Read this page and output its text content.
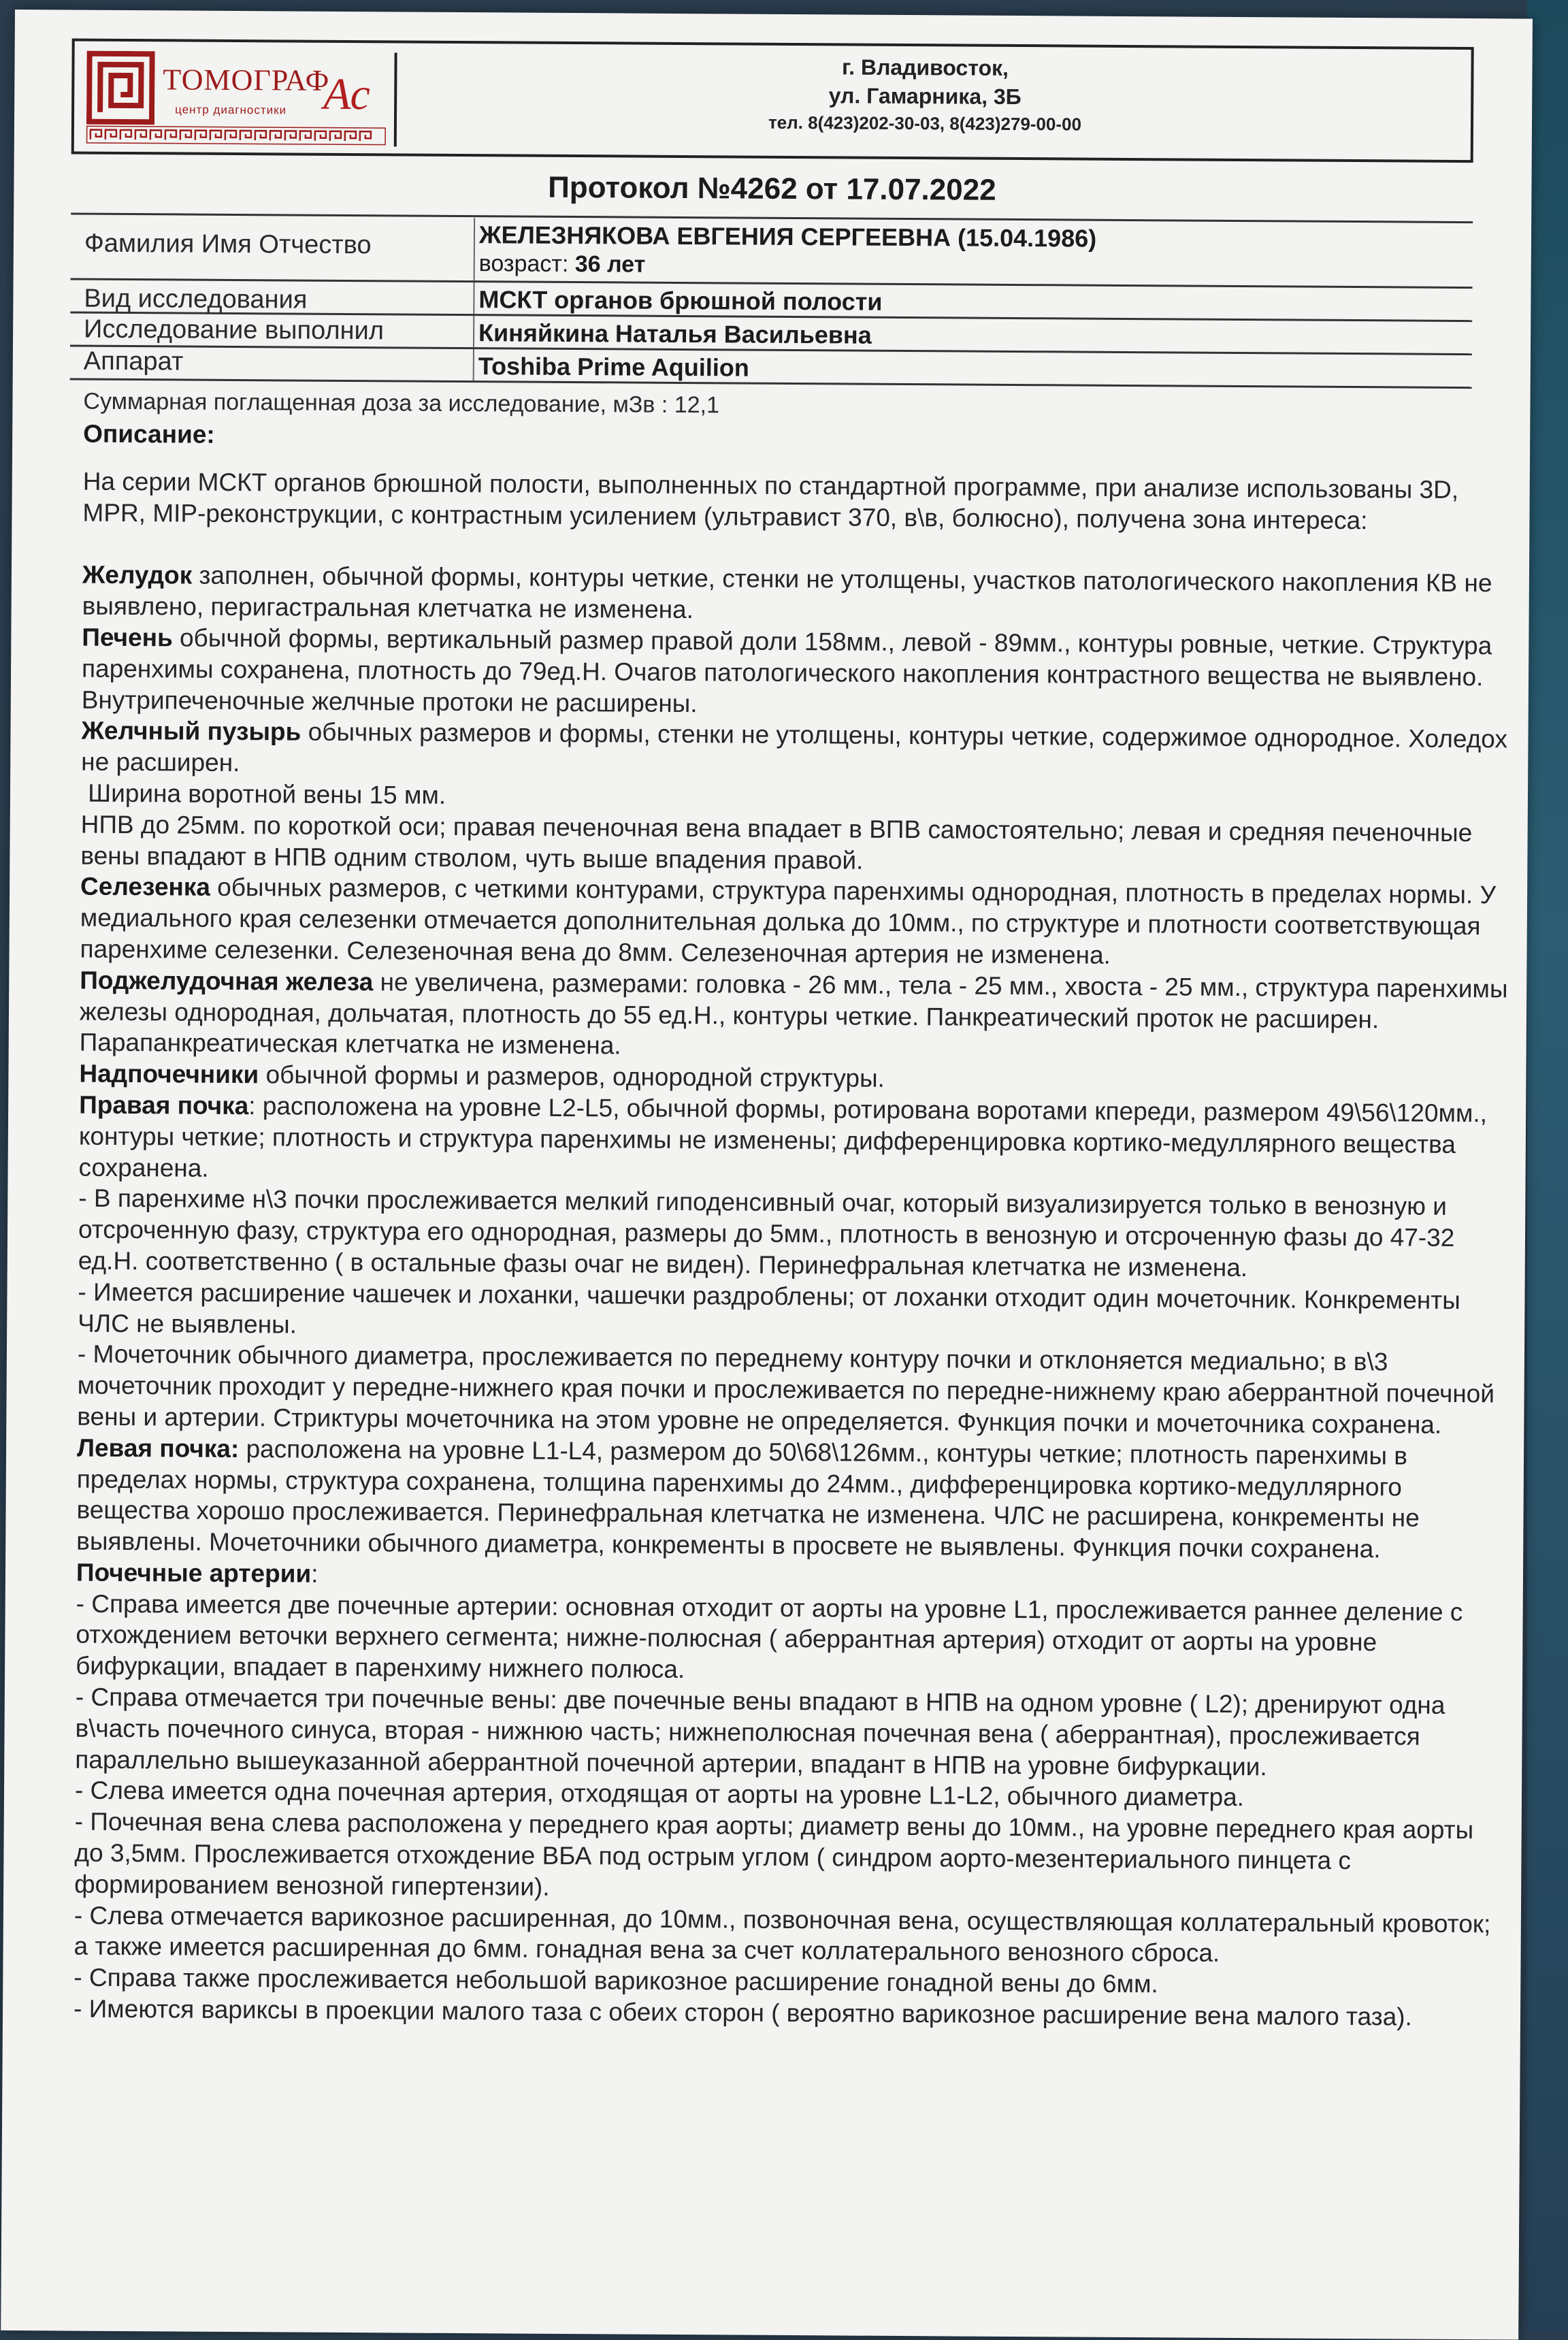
ТОМОГРАФ
центр диагностики Ас
г. Владивосток,
ул. Гамарника, 3Б
тел. 8(423)202-30-03, 8(423)279-00-00
Протокол №4262 от 17.07.2022
Фамилия Имя Отчество	ЖЕЛЕЗНЯКОВА ЕВГЕНИЯ СЕРГЕЕВНА (15.04.1986)
возраст: 36 лет
Вид исследования	МСКТ органов брюшной полости
Исследование выполнил	Киняйкина Наталья Васильевна
Аппарат	Toshiba Prime Aquilion
Суммарная поглащенная доза за исследование, мЗв : 12,1

Описание:

На серии МСКТ органов брюшной полости, выполненных по стандартной программе, при анализе использованы 3D, MPR, MIP-реконструкции, с контрастным усилением (ультравист 370, в\в, болюсно), получена зона интереса:

Желудок заполнен, обычной формы, контуры четкие, стенки не утолщены, участков патологического накопления КВ не выявлено, перигастральная клетчатка не изменена.

Печень обычной формы, вертикальный размер правой доли 158мм., левой - 89мм., контуры ровные, четкие. Структура паренхимы сохранена, плотность до 79ед.Н. Очагов патологического накопления контрастного вещества не выявлено. Внутрипеченочные желчные протоки не расширены.

Желчный пузырь обычных размеров и формы, стенки не утолщены, контуры четкие, содержимое однородное. Холедох не расширен.

Ширина воротной вены 15 мм.

НПВ до 25мм. по короткой оси; правая печеночная вена впадает в ВПВ самостоятельно; левая и средняя печеночные вены впадают в НПВ одним стволом, чуть выше впадения правой.

Селезенка обычных размеров, с четкими контурами, структура паренхимы однородная, плотность в пределах нормы. У медиального края селезенки отмечается дополнительная долька до 10мм., по структуре и плотности соответствующая паренхиме селезенки. Селезеночная вена до 8мм. Селезеночная артерия не изменена.

Поджелудочная железа не увеличена, размерами: головка - 26 мм., тела - 25 мм., хвоста - 25 мм., структура паренхимы железы однородная, дольчатая, плотность до 55 ед.Н., контуры четкие. Панкреатический проток не расширен. Парапанкреатическая клетчатка не изменена.

Надпочечники обычной формы и размеров, однородной структуры.

Правая почка: расположена на уровне L2-L5, обычной формы, ротирована воротами кпереди, размером 49\56\120мм., контуры четкие; плотность и структура паренхимы не изменены; дифференцировка кортико-медуллярного вещества сохранена.

- В паренхиме н\3 почки прослеживается мелкий гиподенсивный очаг, который визуализируется только в венозную и отсроченную фазу, структура его однородная, размеры до 5мм., плотность в венозную и отсроченную фазы до 47-32 ед.Н. соответственно ( в остальные фазы очаг не виден). Перинефральная клетчатка не изменена.

- Имеется расширение чашечек и лоханки, чашечки раздроблены; от лоханки отходит один мочеточник. Конкременты ЧЛС не выявлены.

- Мочеточник обычного диаметра, прослеживается по переднему контуру почки и отклоняется медиально; в в\3 мочеточник проходит у передне-нижнего края почки и прослеживается по передне-нижнему краю аберрантной почечной вены и артерии. Стриктуры мочеточника на этом уровне не определяется. Функция почки и мочеточника сохранена.

Левая почка: расположена на уровне L1-L4, размером до 50\68\126мм., контуры четкие; плотность паренхимы в пределах нормы, структура сохранена, толщина паренхимы до 24мм., дифференцировка кортико-медуллярного вещества хорошо прослеживается. Перинефральная клетчатка не изменена. ЧЛС не расширена, конкременты не выявлены. Мочеточники обычного диаметра, конкременты в просвете не выявлены. Функция почки сохранена.

Почечные артерии:

- Справа имеется две почечные артерии: основная отходит от аорты на уровне L1, прослеживается раннее деление с отхождением веточки верхнего сегмента; нижне-полюсная ( аберрантная артерия) отходит от аорты на уровне бифуркации, впадает в паренхиму нижнего полюса.

- Справа отмечается три почечные вены: две почечные вены впадают в НПВ на одном уровне ( L2); дренируют одна в\часть почечного синуса, вторая - нижнюю часть; нижнеполюсная почечная вена ( аберрантная), прослеживается параллельно вышеуказанной аберрантной почечной артерии, впадант в НПВ на уровне бифуркации.

- Слева имеется одна почечная артерия, отходящая от аорты на уровне L1-L2, обычного диаметра.

- Почечная вена слева расположена у переднего края аорты; диаметр вены до 10мм., на уровне переднего края аорты до 3,5мм. Прослеживается отхождение ВБА под острым углом ( синдром аорто-мезентериального пинцета с формированием венозной гипертензии).

- Слева отмечается варикозное расширенная, до 10мм., позвоночная вена, осуществляющая коллатеральный кровоток; а также имеется расширенная до 6мм. гонадная вена за счет коллатерального венозного сброса.

- Справа также прослеживается небольшой варикозное расширение гонадной вены до 6мм.

- Имеются варикcы в проекции малого таза с обеих сторон ( вероятно варикозное расширение вена малого таза).
